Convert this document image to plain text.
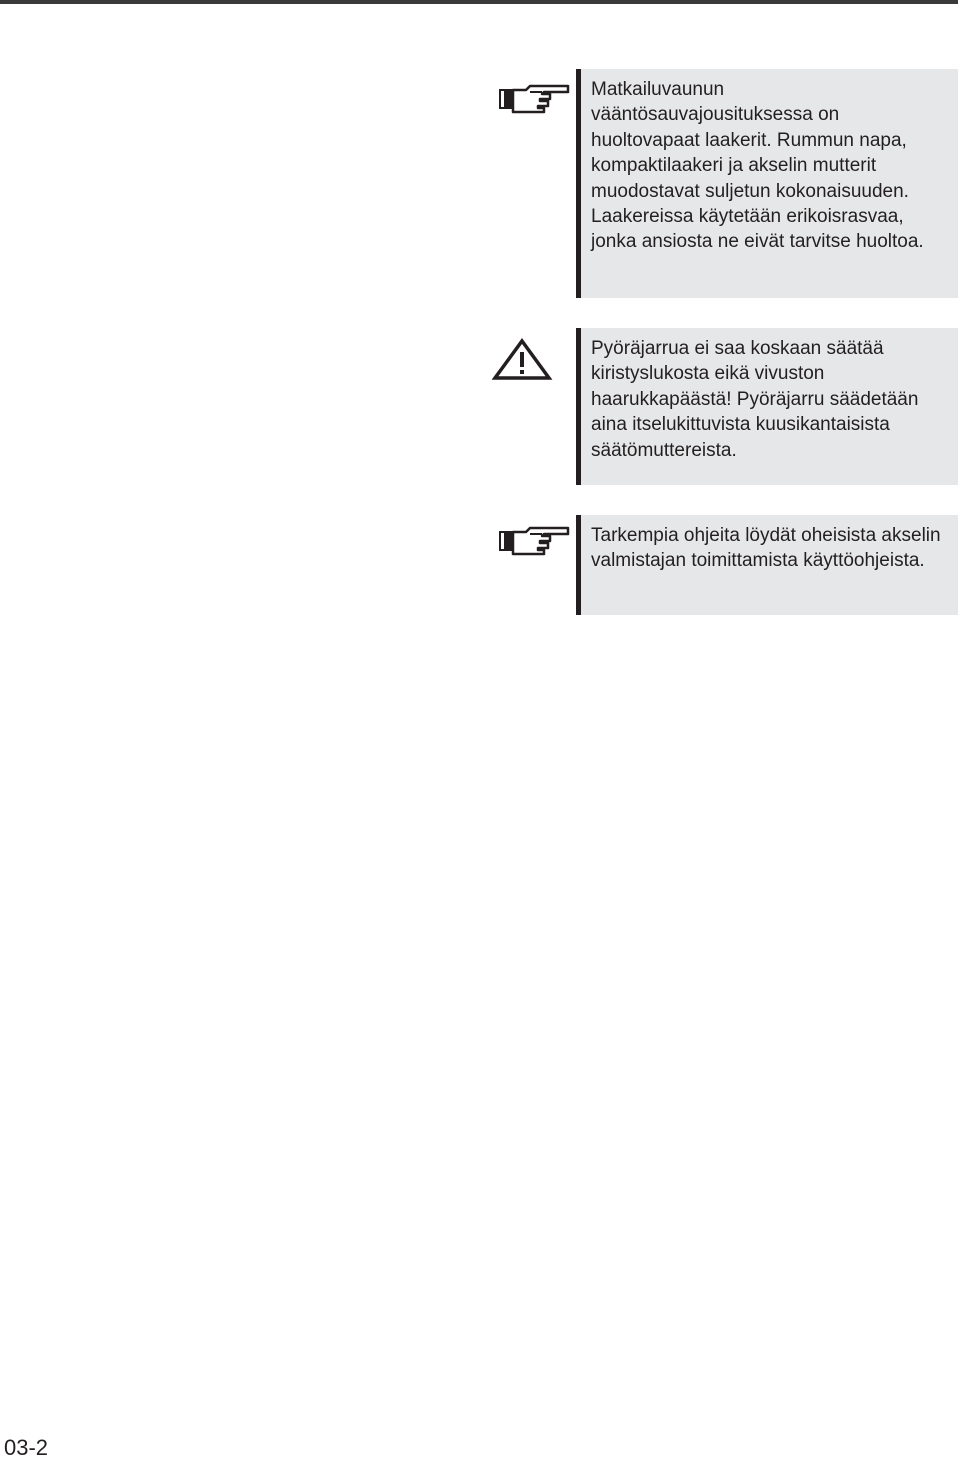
Matkailuvaunun vääntösauvajousituksessa on huoltovapaat laakerit. Rummun napa, kompaktilaakeri ja akselin mutterit muodostavat suljetun kokonaisuuden. Laakereissa käytetään erikoisrasvaa, jonka ansiosta ne eivät tarvitse huoltoa.

Pyöräjarrua ei saa koskaan säätää kiristyslukosta eikä vivuston haarukkapäästä! Pyöräjarru säädetään aina itselukittuvista kuusikantaisista säätömuttereista.

Tarkempia ohjeita löydät oheisista akselin valmistajan toimittamista käyttöohjeista.

03-2
